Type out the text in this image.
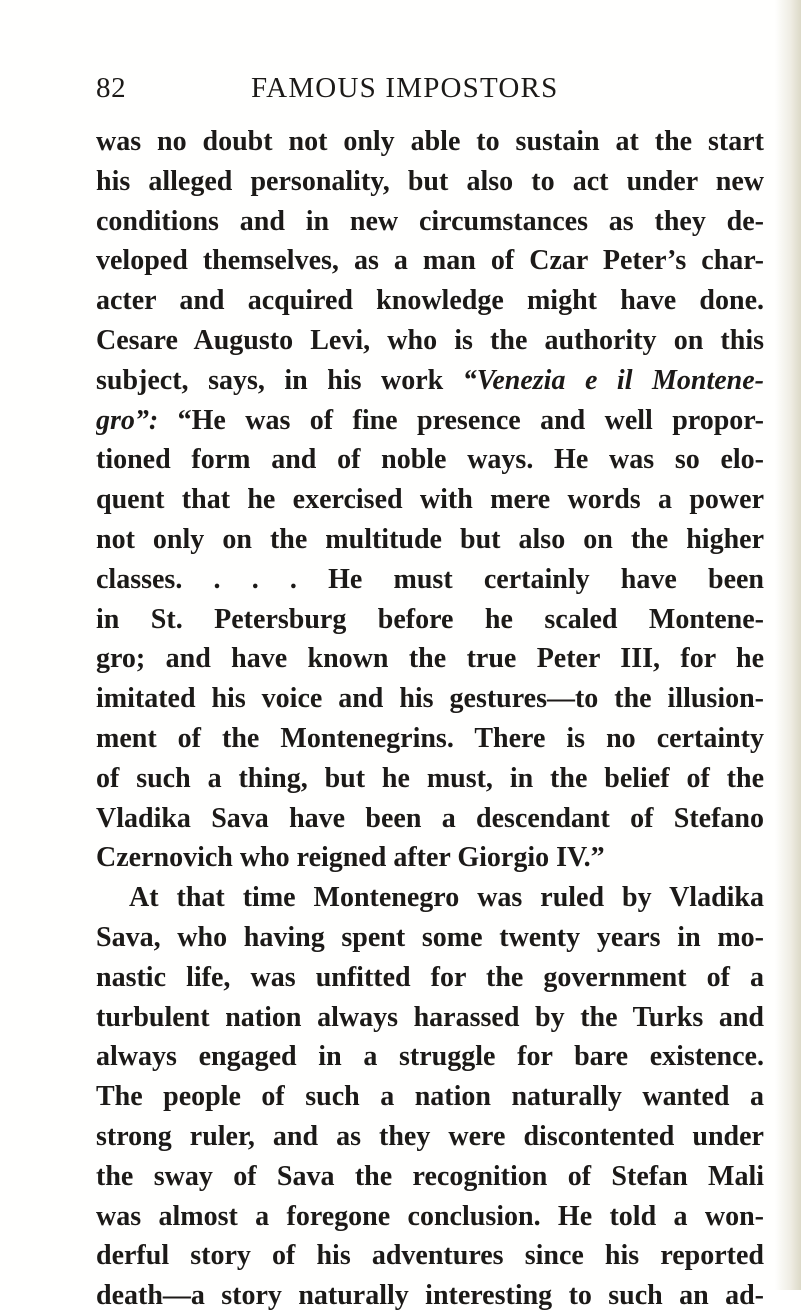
82	FAMOUS IMPOSTORS
was no doubt not only able to sustain at the start
his alleged personality, but also to act under new
conditions and in new circumstances as they de-
veloped themselves, as a man of Czar Peter’s char-
acter and acquired knowledge might have done.
Cesare Augusto Levi, who is the authority on this
subject, says, in his work “Venezia e il Montene-
gro”: “He was of fine presence and well propor-
tioned form and of noble ways. He was so elo-
quent that he exercised with mere words a power
not only on the multitude but also on the higher
classes. . . . He must certainly have been
in St. Petersburg before he scaled Montene-
gro; and have known the true Peter III, for he
imitated his voice and his gestures—to the illusion-
ment of the Montenegrins. There is no certainty
of such a thing, but he must, in the belief of the
Vladika Sava have been a descendant of Stefano
Czernovich who reigned after Giorgio IV.”
At that time Montenegro was ruled by Vladika
Sava, who having spent some twenty years in mo-
nastic life, was unfitted for the government of a
turbulent nation always harassed by the Turks and
always engaged in a struggle for bare existence.
The people of such a nation naturally wanted a
strong ruler, and as they were discontented under
the sway of Sava the recognition of Stefan Mali
was almost a foregone conclusion. He told a won-
derful story of his adventures since his reported
death—a story naturally interesting to such an ad-
